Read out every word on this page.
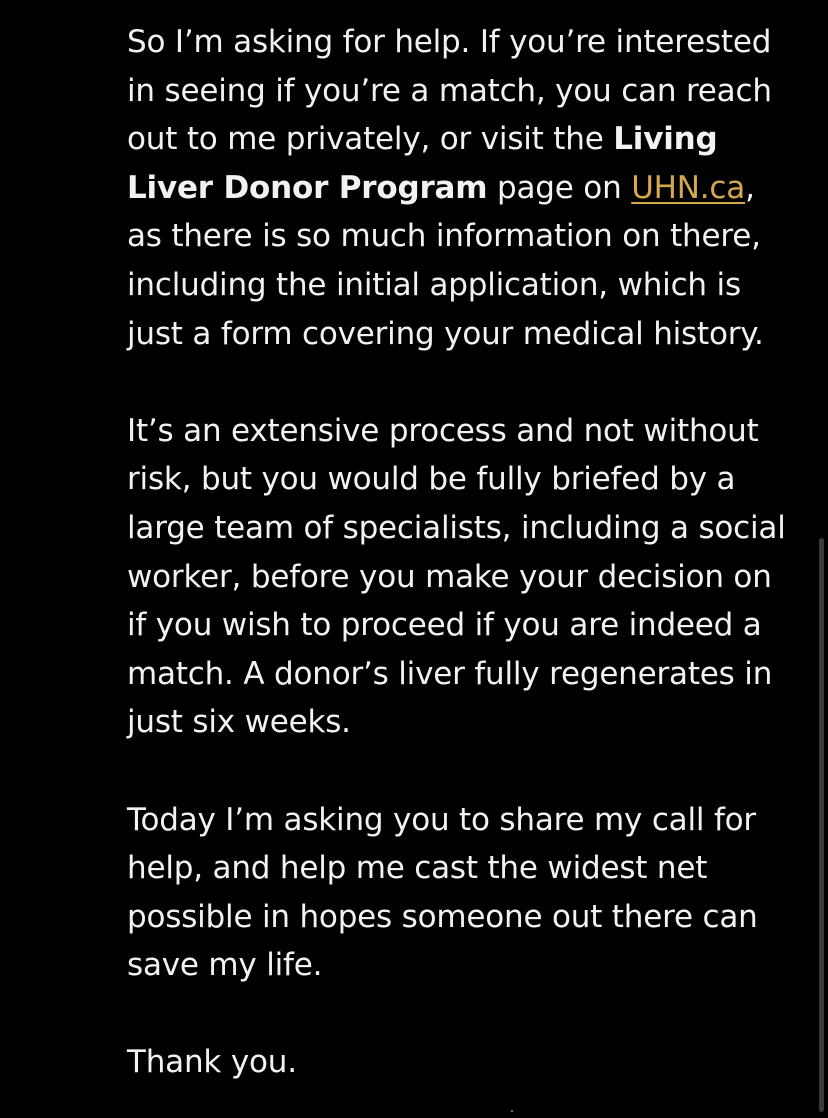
So I’m asking for help. If you’re interested in seeing if you’re a match, you can reach out to me privately, or visit the Living Liver Donor Program page on UHN.ca, as there is so much information on there, including the initial application, which is just a form covering your medical history.

It’s an extensive process and not without risk, but you would be fully briefed by a large team of specialists, including a social worker, before you make your decision on if you wish to proceed if you are indeed a match. A donor’s liver fully regenerates in just six weeks.

Today I’m asking you to share my call for help, and help me cast the widest net possible in hopes someone out there can save my life.

Thank you.
